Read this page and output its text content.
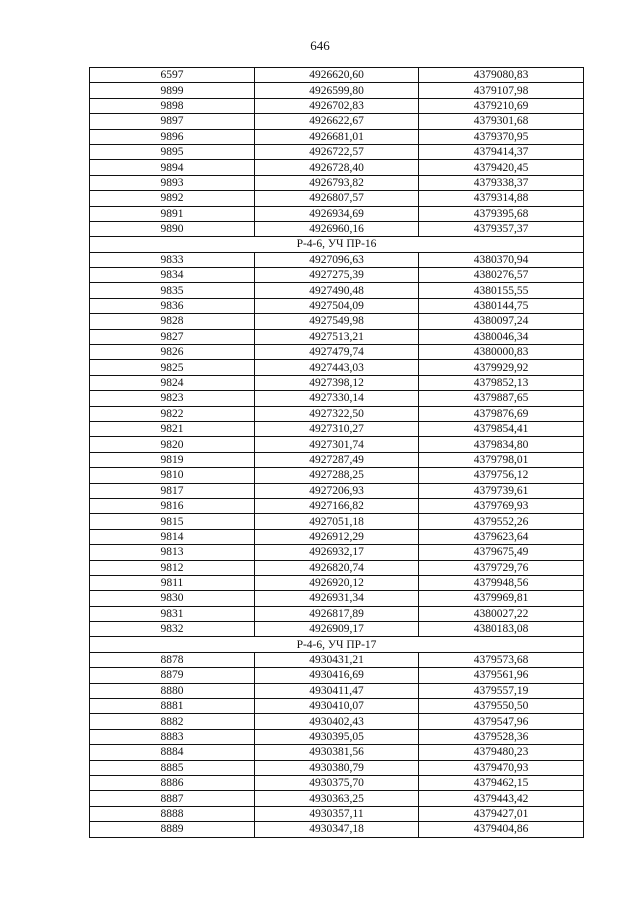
646
6597	4926620,60	4379080,83
9899	4926599,80	4379107,98
9898	4926702,83	4379210,69
9897	4926622,67	4379301,68
9896	4926681,01	4379370,95
9895	4926722,57	4379414,37
9894	4926728,40	4379420,45
9893	4926793,82	4379338,37
9892	4926807,57	4379314,88
9891	4926934,69	4379395,68
9890	4926960,16	4379357,37
Р-4-6, УЧ ПР-16		
9833	4927096,63	4380370,94
9834	4927275,39	4380276,57
9835	4927490,48	4380155,55
9836	4927504,09	4380144,75
9828	4927549,98	4380097,24
9827	4927513,21	4380046,34
9826	4927479,74	4380000,83
9825	4927443,03	4379929,92
9824	4927398,12	4379852,13
9823	4927330,14	4379887,65
9822	4927322,50	4379876,69
9821	4927310,27	4379854,41
9820	4927301,74	4379834,80
9819	4927287,49	4379798,01
9810	4927288,25	4379756,12
9817	4927206,93	4379739,61
9816	4927166,82	4379769,93
9815	4927051,18	4379552,26
9814	4926912,29	4379623,64
9813	4926932,17	4379675,49
9812	4926820,74	4379729,76
9811	4926920,12	4379948,56
9830	4926931,34	4379969,81
9831	4926817,89	4380027,22
9832	4926909,17	4380183,08
Р-4-6, УЧ ПР-17		
8878	4930431,21	4379573,68
8879	4930416,69	4379561,96
8880	4930411,47	4379557,19
8881	4930410,07	4379550,50
8882	4930402,43	4379547,96
8883	4930395,05	4379528,36
8884	4930381,56	4379480,23
8885	4930380,79	4379470,93
8886	4930375,70	4379462,15
8887	4930363,25	4379443,42
8888	4930357,11	4379427,01
8889	4930347,18	4379404,86
